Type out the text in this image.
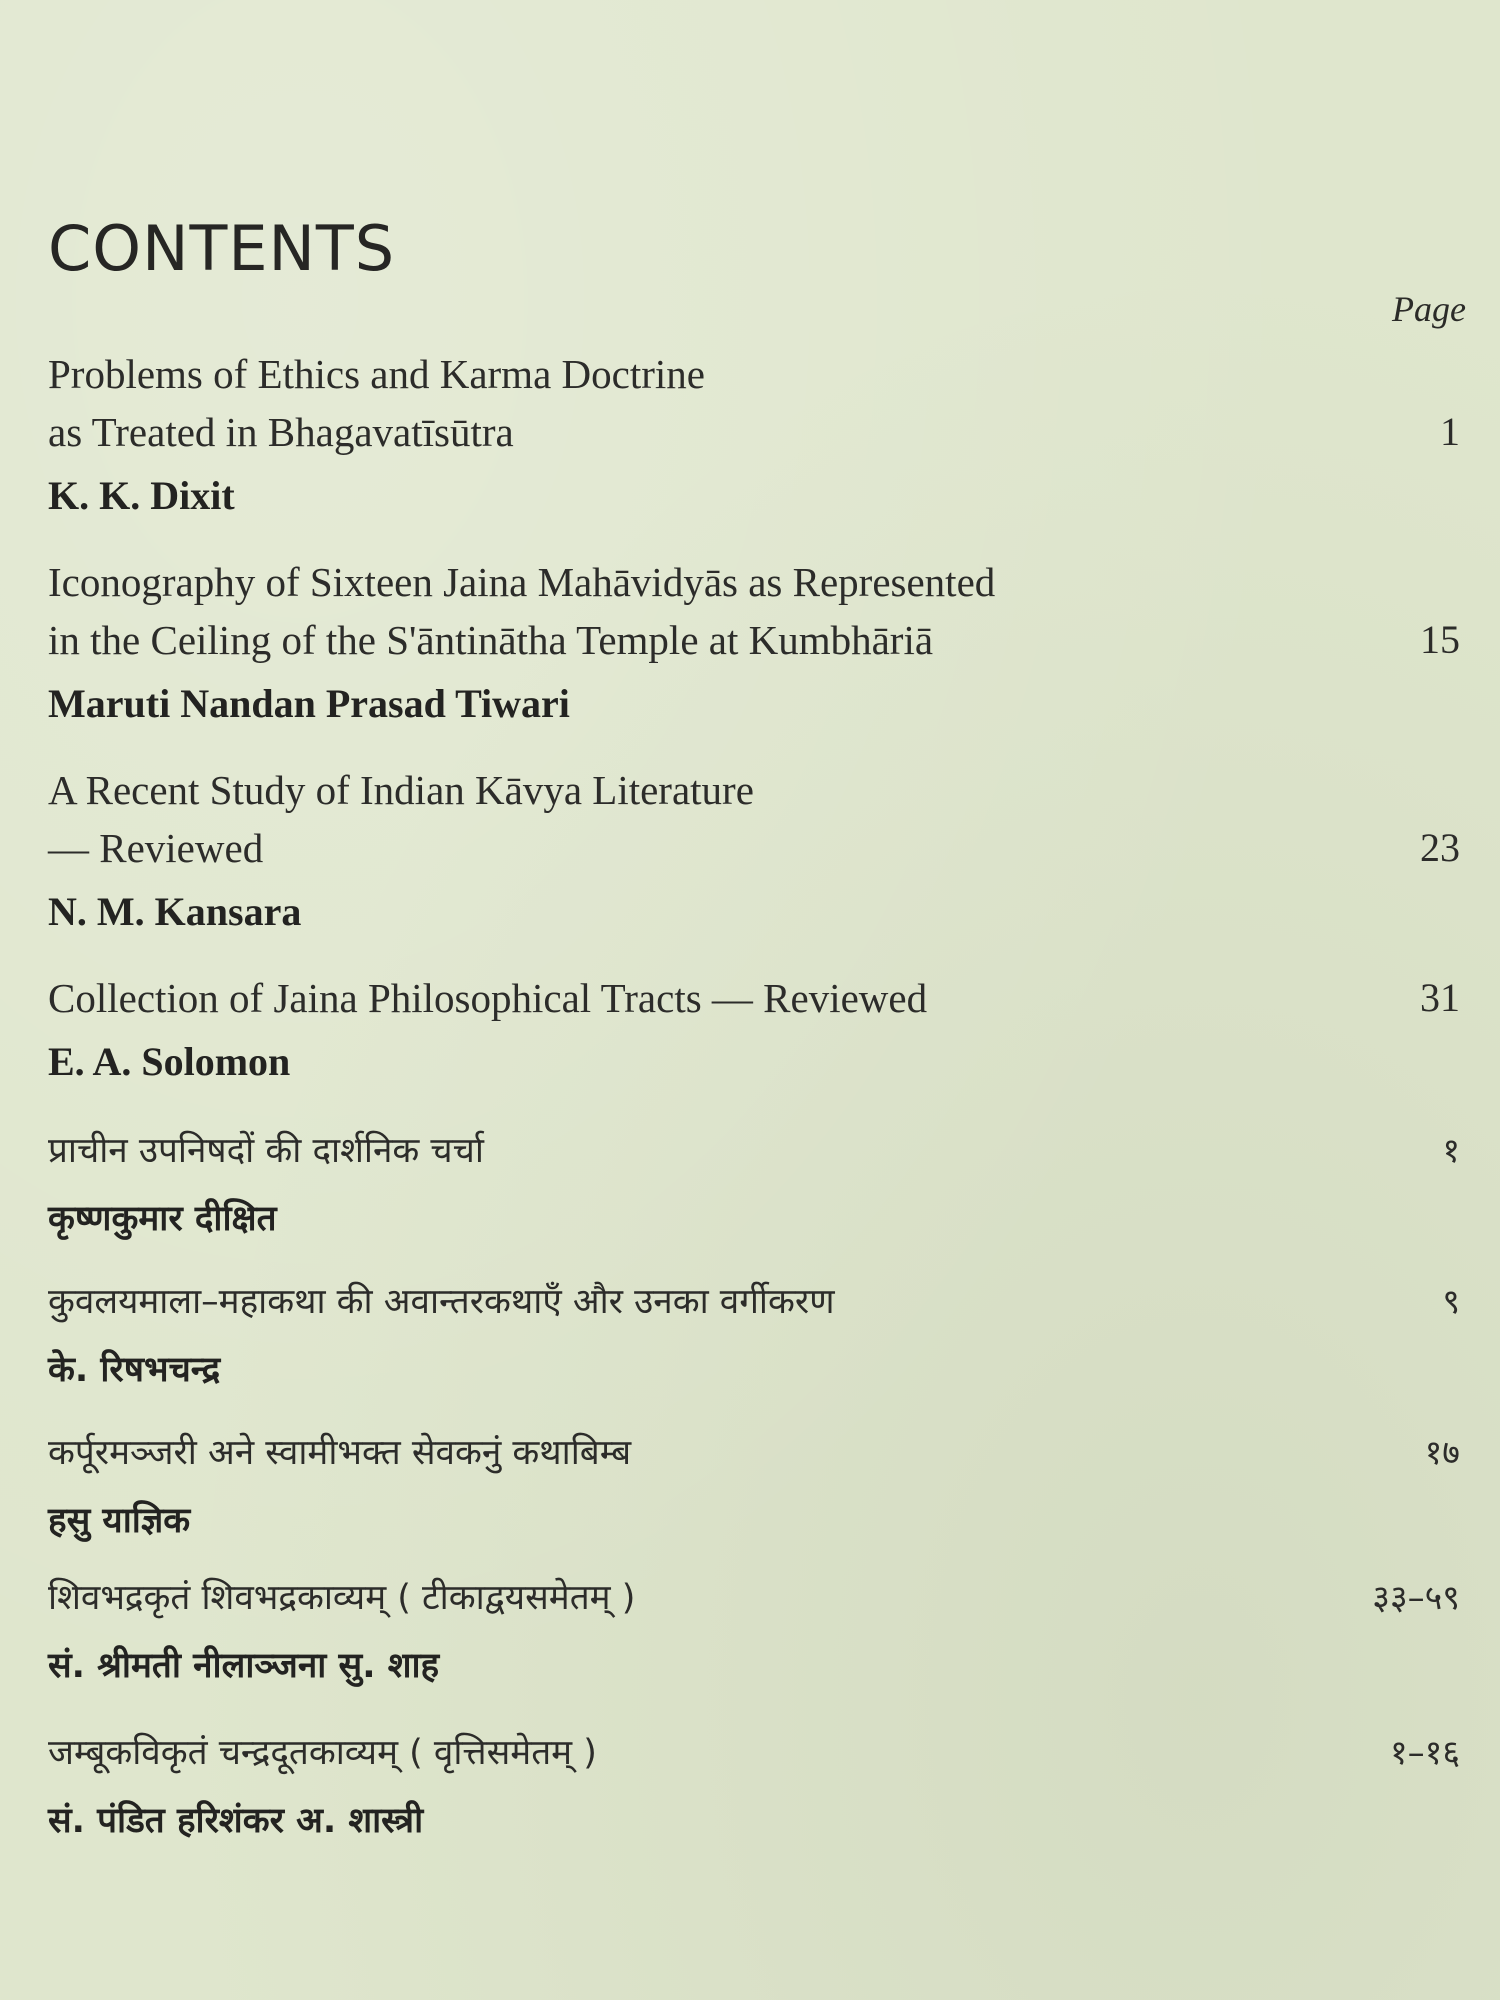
CONTENTS
Page
Problems of Ethics and Karma Doctrine
as Treated in Bhagavatīsūtra
K. K. Dixit
1
Iconography of Sixteen Jaina Mahāvidyās as Represented
in the Ceiling of the S'āntinātha Temple at Kumbhāriā
Maruti Nandan Prasad Tiwari
15
A Recent Study of Indian Kāvya Literature
— Reviewed
N. M. Kansara
23
Collection of Jaina Philosophical Tracts — Reviewed
E. A. Solomon
31
प्राचीन उपनिषदों की दार्शनिक चर्चा
कृष्णकुमार दीक्षित
१
कुवलयमाला–महाकथा की अवान्तरकथाएँ और उनका वर्गीकरण
के. रिषभचन्द्र
९
कर्पूरमञ्जरी अने स्वामीभक्त सेवकनुं कथाबिम्ब
हसु याज्ञिक
१७
शिवभद्रकृतं शिवभद्रकाव्यम् ( टीकाद्वयसमेतम् )
सं. श्रीमती नीलाञ्जना सु. शाह
३३–५९
जम्बूकविकृतं चन्द्रदूतकाव्यम् ( वृत्तिसमेतम् )
सं. पंडित हरिशंकर अ. शास्त्री
१–१६
